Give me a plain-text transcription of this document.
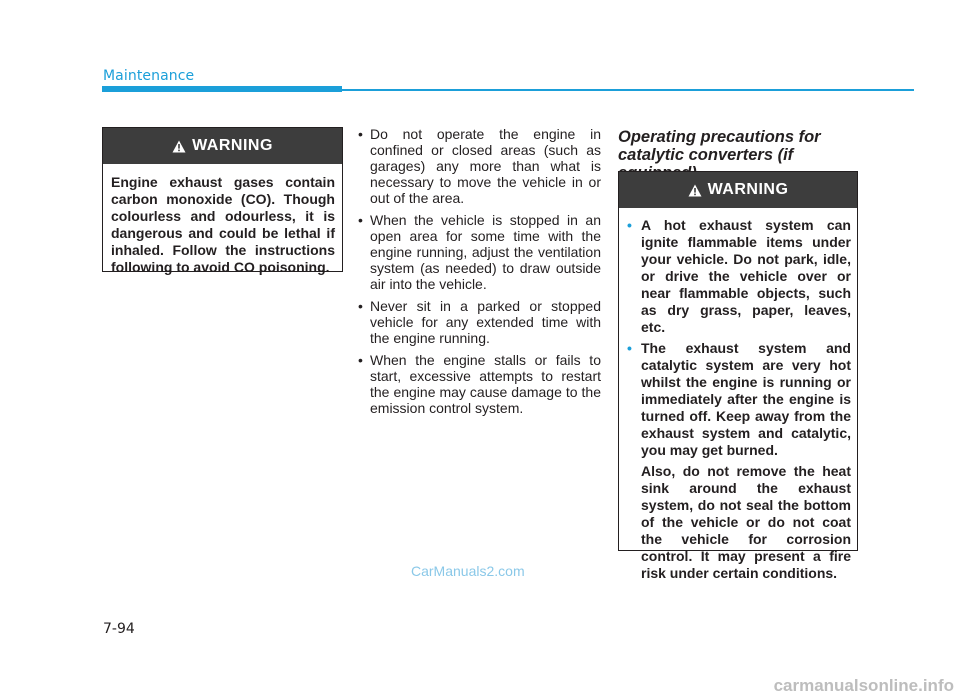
Maintenance
WARNING
Engine exhaust gases contain carbon monoxide (CO). Though colourless and odourless, it is dangerous and could be lethal if inhaled. Follow the instructions following to avoid CO poisoning.
• Do not operate the engine in confined or closed areas (such as garages) any more than what is necessary to move the vehicle in or out of the area.
• When the vehicle is stopped in an open area for some time with the engine running, adjust the ventilation system (as needed) to draw outside air into the vehicle.
• Never sit in a parked or stopped vehicle for any extended time with the engine running.
• When the engine stalls or fails to start, excessive attempts to restart the engine may cause damage to the emission control system.
Operating precautions for catalytic converters (if
WARNING
• A hot exhaust system can ignite flammable items under your vehicle. Do not park, idle, or drive the vehicle over or near flammable objects, such as dry grass, paper, leaves, etc.
• The exhaust system and catalytic system are very hot whilst the engine is running or immediately after the engine is turned off. Keep away from the exhaust system and catalytic, you may get burned.
Also, do not remove the heat sink around the exhaust system, do not seal the bottom of the vehicle or do not coat the vehicle for corrosion control. It may present a fire risk under certain conditions.
CarManuals2.com
7-94
carmanualsonline.info
